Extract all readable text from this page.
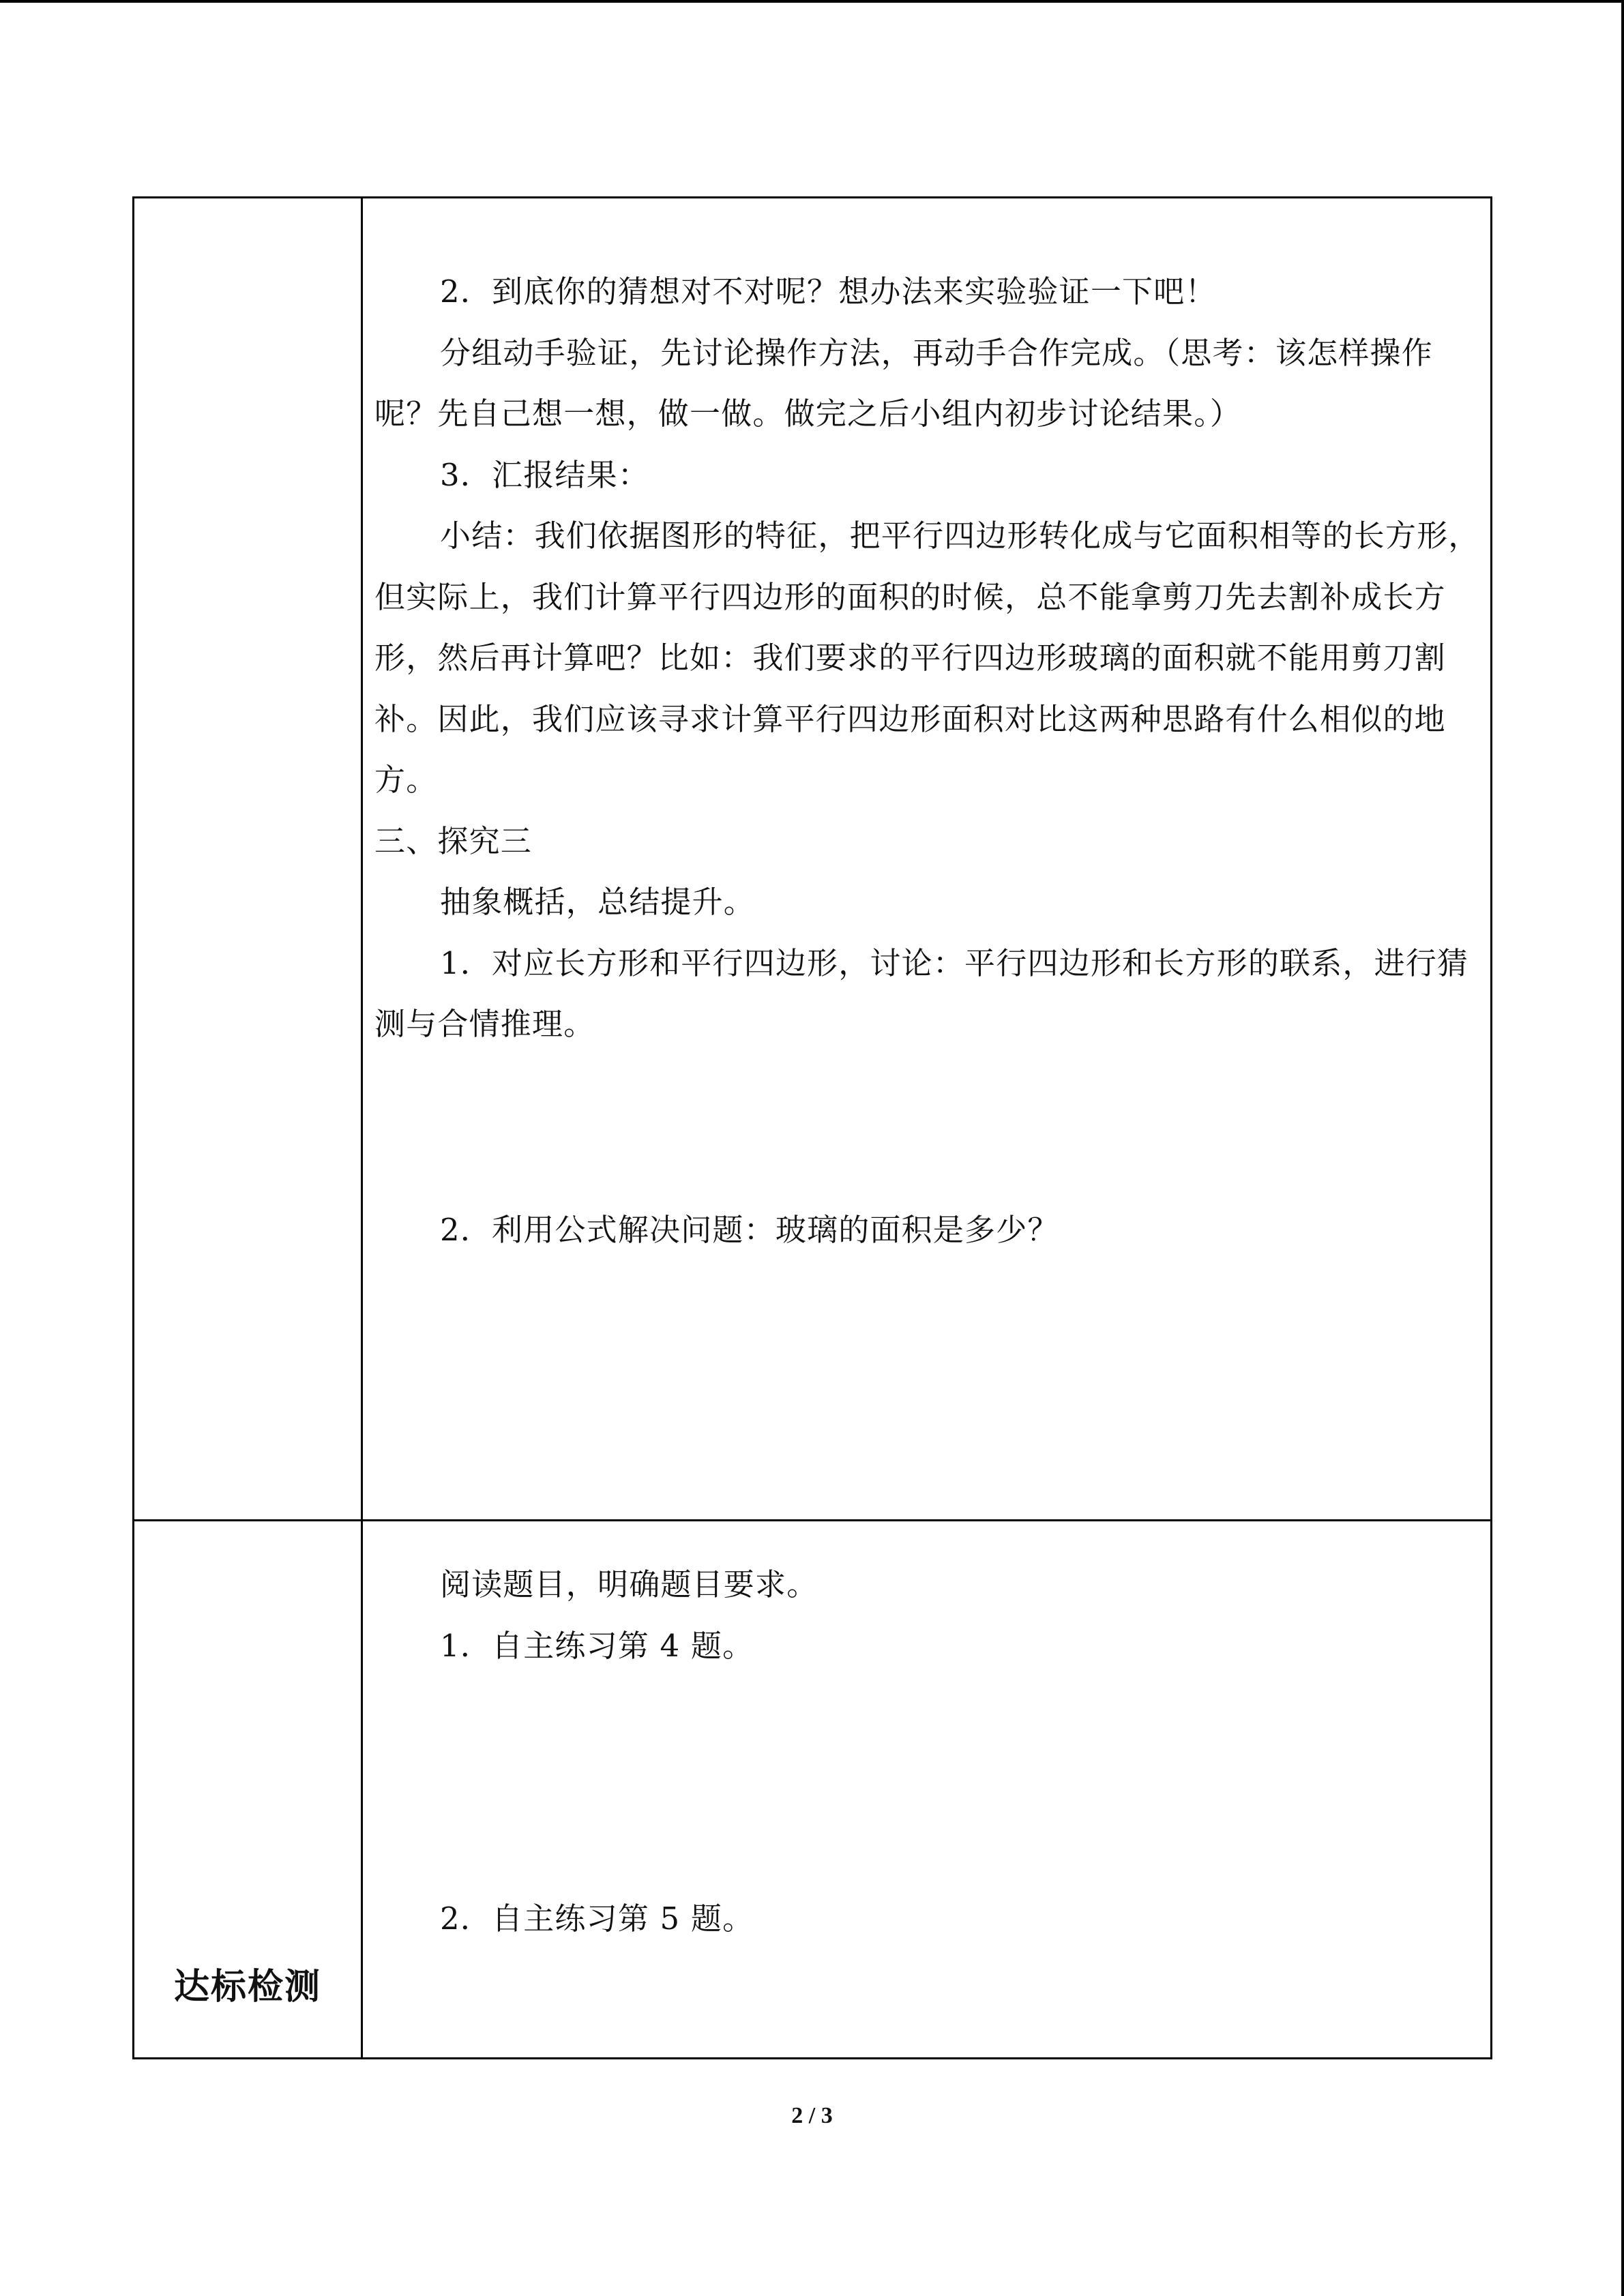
2．到底你的猜想对不对呢？想办法来实验验证一下吧！

分组动手验证，先讨论操作方法，再动手合作完成。（思考：该怎样操作呢？先自己想一想，做一做。做完之后小组内初步讨论结果。）

3．汇报结果：

小结：我们依据图形的特征，把平行四边形转化成与它面积相等的长方形，但实际上，我们计算平行四边形的面积的时候，总不能拿剪刀先去割补成长方形，然后再计算吧？比如：我们要求的平行四边形玻璃的面积就不能用剪刀割补。因此，我们应该寻求计算平行四边形面积对比这两种思路有什么相似的地方。

三、探究三

抽象概括，总结提升。

1．对应长方形和平行四边形，讨论：平行四边形和长方形的联系，进行猜测与合情推理。

2．利用公式解决问题：玻璃的面积是多少？

达标检测

阅读题目，明确题目要求。

1．自主练习第 4 题。

2．自主练习第 5 题。

2 / 3
